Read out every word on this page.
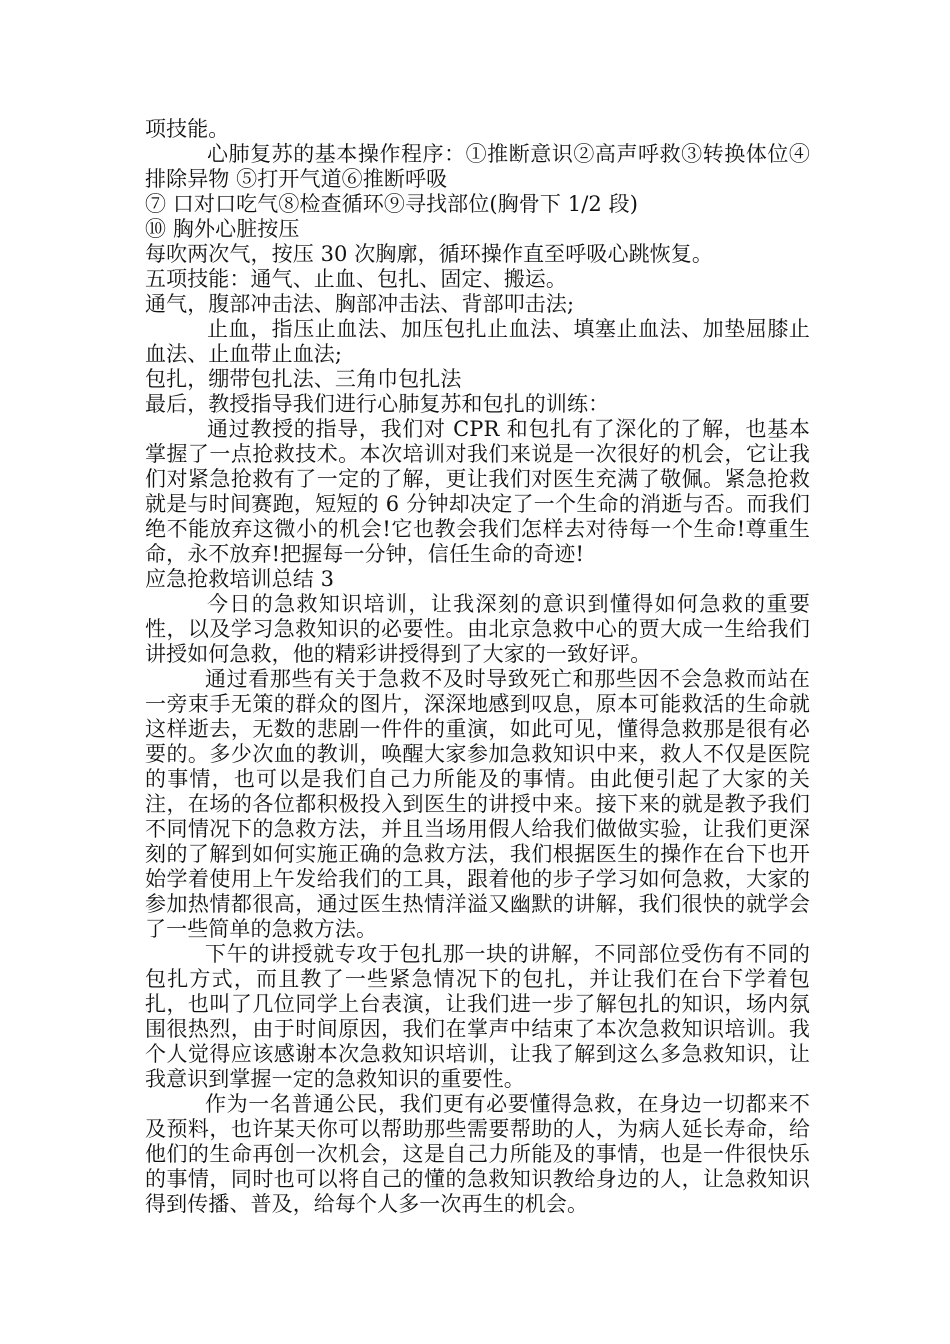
项技能。

心肺复苏的基本操作程序：①推断意识②高声呼救③转换体位④排除异物 ⑤打开气道⑥推断呼吸

⑦ 口对口吃气⑧检查循环⑨寻找部位(胸骨下 1/2 段)

⑩ 胸外心脏按压

每吹两次气，按压 30 次胸廓，循环操作直至呼吸心跳恢复。

五项技能：通气、止血、包扎、固定、搬运。

通气，腹部冲击法、胸部冲击法、背部叩击法;

止血，指压止血法、加压包扎止血法、填塞止血法、加垫屈膝止血法、止血带止血法;

包扎，绷带包扎法、三角巾包扎法

最后，教授指导我们进行心肺复苏和包扎的训练：

通过教授的指导，我们对 CPR 和包扎有了深化的了解，也基本掌握了一点抢救技术。本次培训对我们来说是一次很好的机会，它让我们对紧急抢救有了一定的了解，更让我们对医生充满了敬佩。紧急抢救就是与时间赛跑，短短的 6 分钟却决定了一个生命的消逝与否。而我们绝不能放弃这微小的机会!它也教会我们怎样去对待每一个生命!尊重生命，永不放弃!把握每一分钟，信任生命的奇迹!

应急抢救培训总结 3

今日的急救知识培训，让我深刻的意识到懂得如何急救的重要性，以及学习急救知识的必要性。由北京急救中心的贾大成一生给我们讲授如何急救，他的精彩讲授得到了大家的一致好评。

通过看那些有关于急救不及时导致死亡和那些因不会急救而站在一旁束手无策的群众的图片，深深地感到叹息，原本可能救活的生命就这样逝去，无数的悲剧一件件的重演，如此可见，懂得急救那是很有必要的。多少次血的教训，唤醒大家参加急救知识中来，救人不仅是医院的事情，也可以是我们自己力所能及的事情。由此便引起了大家的关注，在场的各位都积极投入到医生的讲授中来。接下来的就是教予我们不同情况下的急救方法，并且当场用假人给我们做做实验，让我们更深刻的了解到如何实施正确的急救方法，我们根据医生的操作在台下也开始学着使用上午发给我们的工具，跟着他的步子学习如何急救，大家的参加热情都很高，通过医生热情洋溢又幽默的讲解，我们很快的就学会了一些简单的急救方法。

下午的讲授就专攻于包扎那一块的讲解，不同部位受伤有不同的包扎方式，而且教了一些紧急情况下的包扎，并让我们在台下学着包扎，也叫了几位同学上台表演，让我们进一步了解包扎的知识，场内氛围很热烈，由于时间原因，我们在掌声中结束了本次急救知识培训。我个人觉得应该感谢本次急救知识培训，让我了解到这么多急救知识，让我意识到掌握一定的急救知识的重要性。

作为一名普通公民，我们更有必要懂得急救，在身边一切都来不及预料，也许某天你可以帮助那些需要帮助的人，为病人延长寿命，给他们的生命再创一次机会，这是自己力所能及的事情，也是一件很快乐的事情，同时也可以将自己的懂的急救知识教给身边的人，让急救知识得到传播、普及，给每个人多一次再生的机会。
